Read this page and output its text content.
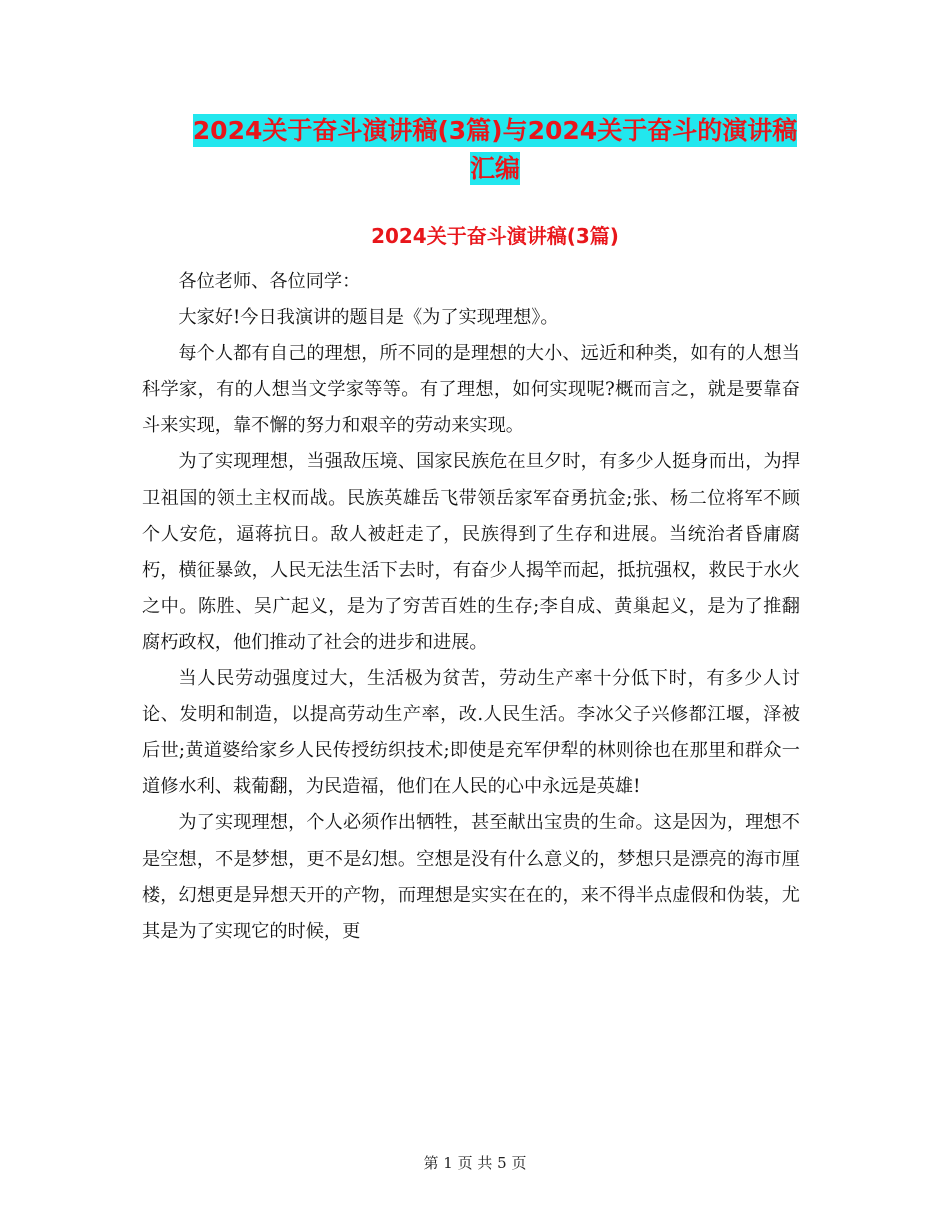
2024关于奋斗演讲稿(3篇)与2024关于奋斗的演讲稿
汇编
2024关于奋斗演讲稿(3篇)

各位老师、各位同学：

大家好!今日我演讲的题目是《为了实现理想》。

每个人都有自己的理想，所不同的是理想的大小、远近和种类，如有的人想当科学家，有的人想当文学家等等。有了理想，如何实现呢?概而言之，就是要靠奋斗来实现，靠不懈的努力和艰辛的劳动来实现。

为了实现理想，当强敌压境、国家民族危在旦夕时，有多少人挺身而出，为捍卫祖国的领土主权而战。民族英雄岳飞带领岳家军奋勇抗金;张、杨二位将军不顾个人安危，逼蒋抗日。敌人被赶走了，民族得到了生存和进展。当统治者昏庸腐朽，横征暴敛，人民无法生活下去时，有奋少人揭竿而起，抵抗强权，救民于水火之中。陈胜、吴广起义，是为了穷苦百姓的生存;李自成、黄巢起义，是为了推翻腐朽政权，他们推动了社会的进步和进展。

当人民劳动强度过大，生活极为贫苦，劳动生产率十分低下时，有多少人讨论、发明和制造，以提高劳动生产率，改.人民生活。李冰父子兴修都江堰，泽被后世;黄道婆给家乡人民传授纺织技术;即使是充军伊犁的林则徐也在那里和群众一道修水利、栽葡翻，为民造福，他们在人民的心中永远是英雄!

为了实现理想，个人必须作出牺牲，甚至献出宝贵的生命。这是因为，理想不是空想，不是梦想，更不是幻想。空想是没有什么意义的，梦想只是漂亮的海市厘楼，幻想更是异想天开的产物，而理想是实实在在的，来不得半点虚假和伪装，尤其是为了实现它的时候，更

第 1 页 共 5 页
